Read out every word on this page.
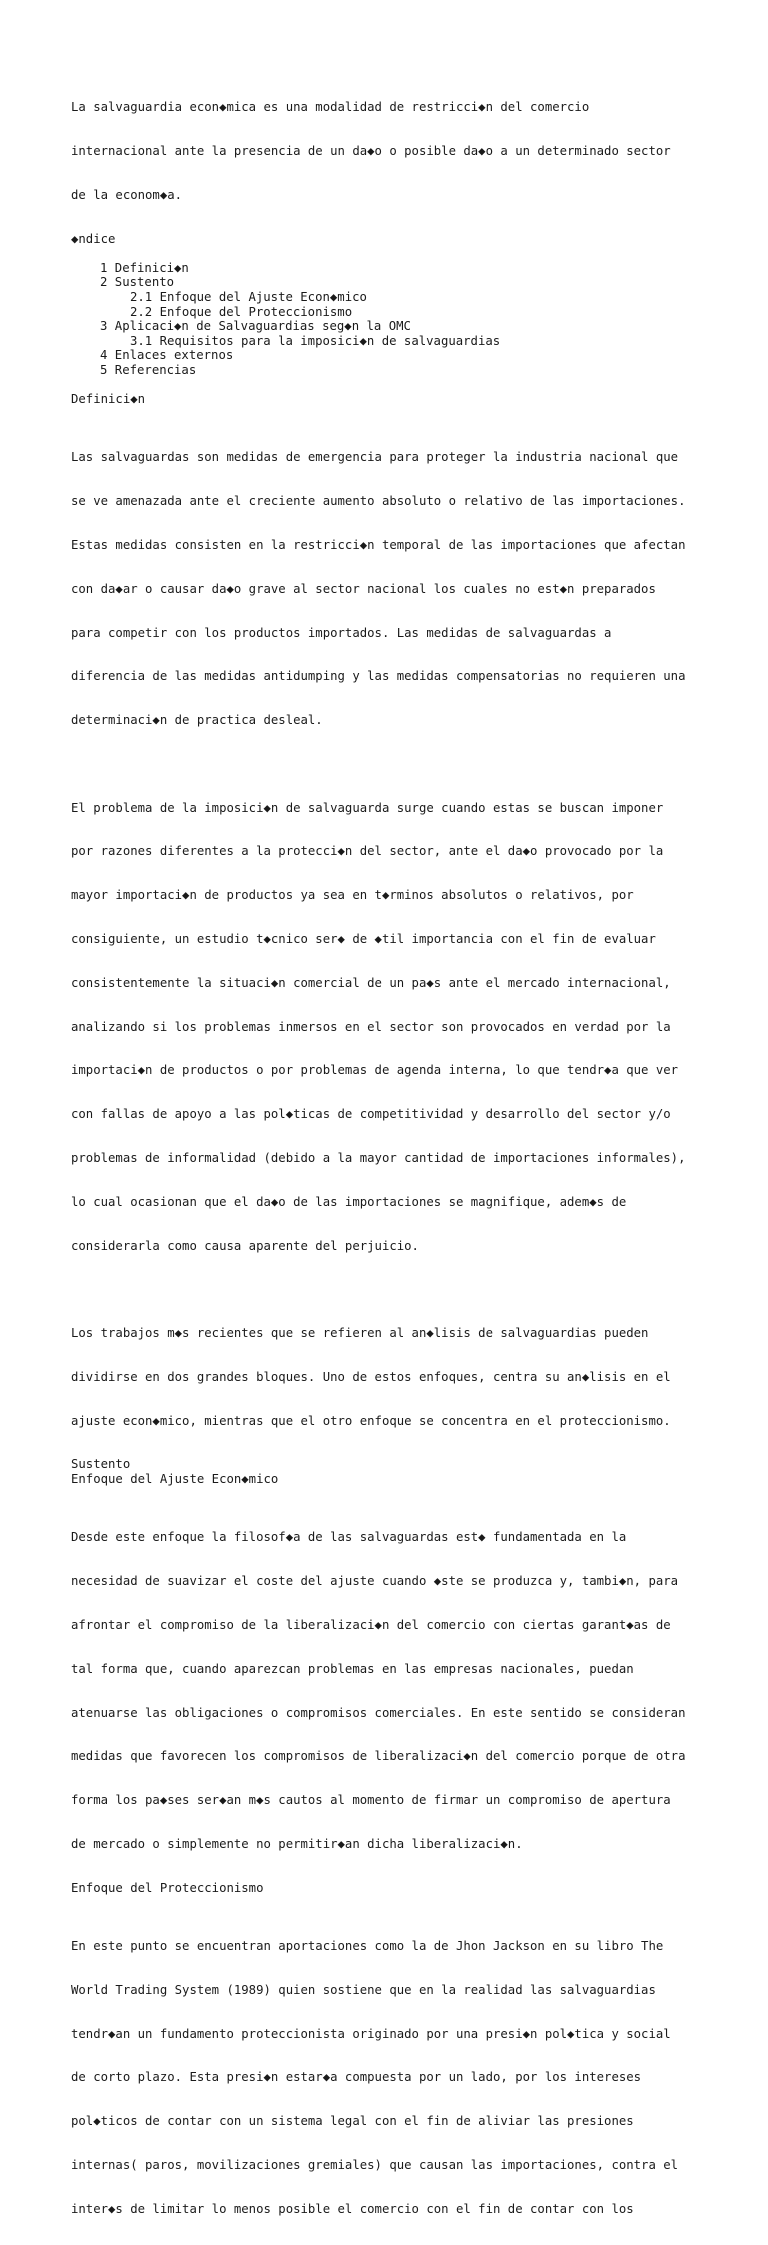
La salvaguardia econ◆mica es una modalidad de restricci◆n del comercio

internacional ante la presencia de un da◆o o posible da◆o a un determinado sector

de la econom◆a.

◆ndice
1 Definici◆n
2 Sustento
2.1 Enfoque del Ajuste Econ◆mico
2.2 Enfoque del Proteccionismo
3 Aplicaci◆n de Salvaguardias seg◆n la OMC
3.1 Requisitos para la imposici◆n de salvaguardias
4 Enlaces externos
5 Referencias
Definici◆n

Las salvaguardas son medidas de emergencia para proteger la industria nacional que

se ve amenazada ante el creciente aumento absoluto o relativo de las importaciones.

Estas medidas consisten en la restricci◆n temporal de las importaciones que afectan

con da◆ar o causar da◆o grave al sector nacional los cuales no est◆n preparados

para competir con los productos importados. Las medidas de salvaguardas a

diferencia de las medidas antidumping y las medidas compensatorias no requieren una

determinaci◆n de practica desleal.

El problema de la imposici◆n de salvaguarda surge cuando estas se buscan imponer

por razones diferentes a la protecci◆n del sector, ante el da◆o provocado por la

mayor importaci◆n de productos ya sea en t◆rminos absolutos o relativos, por

consiguiente, un estudio t◆cnico ser◆ de ◆til importancia con el fin de evaluar

consistentemente la situaci◆n comercial de un pa◆s ante el mercado internacional,

analizando si los problemas inmersos en el sector son provocados en verdad por la

importaci◆n de productos o por problemas de agenda interna, lo que tendr◆a que ver

con fallas de apoyo a las pol◆ticas de competitividad y desarrollo del sector y/o

problemas de informalidad (debido a la mayor cantidad de importaciones informales),

lo cual ocasionan que el da◆o de las importaciones se magnifique, adem◆s de

considerarla como causa aparente del perjuicio.

Los trabajos m◆s recientes que se refieren al an◆lisis de salvaguardias pueden

dividirse en dos grandes bloques. Uno de estos enfoques, centra su an◆lisis en el

ajuste econ◆mico, mientras que el otro enfoque se concentra en el proteccionismo.

Sustento
Enfoque del Ajuste Econ◆mico

Desde este enfoque la filosof◆a de las salvaguardas est◆ fundamentada en la

necesidad de suavizar el coste del ajuste cuando ◆ste se produzca y, tambi◆n, para

afrontar el compromiso de la liberalizaci◆n del comercio con ciertas garant◆as de

tal forma que, cuando aparezcan problemas en las empresas nacionales, puedan

atenuarse las obligaciones o compromisos comerciales. En este sentido se consideran

medidas que favorecen los compromisos de liberalizaci◆n del comercio porque de otra

forma los pa◆ses ser◆an m◆s cautos al momento de firmar un compromiso de apertura

de mercado o simplemente no permitir◆an dicha liberalizaci◆n.

Enfoque del Proteccionismo

En este punto se encuentran aportaciones como la de Jhon Jackson en su libro The

World Trading System (1989) quien sostiene que en la realidad las salvaguardias

tendr◆an un fundamento proteccionista originado por una presi◆n pol◆tica y social

de corto plazo. Esta presi◆n estar◆a compuesta por un lado, por los intereses

pol◆ticos de contar con un sistema legal con el fin de aliviar las presiones

internas( paros, movilizaciones gremiales) que causan las importaciones, contra el

inter◆s de limitar lo menos posible el comercio con el fin de contar con los
